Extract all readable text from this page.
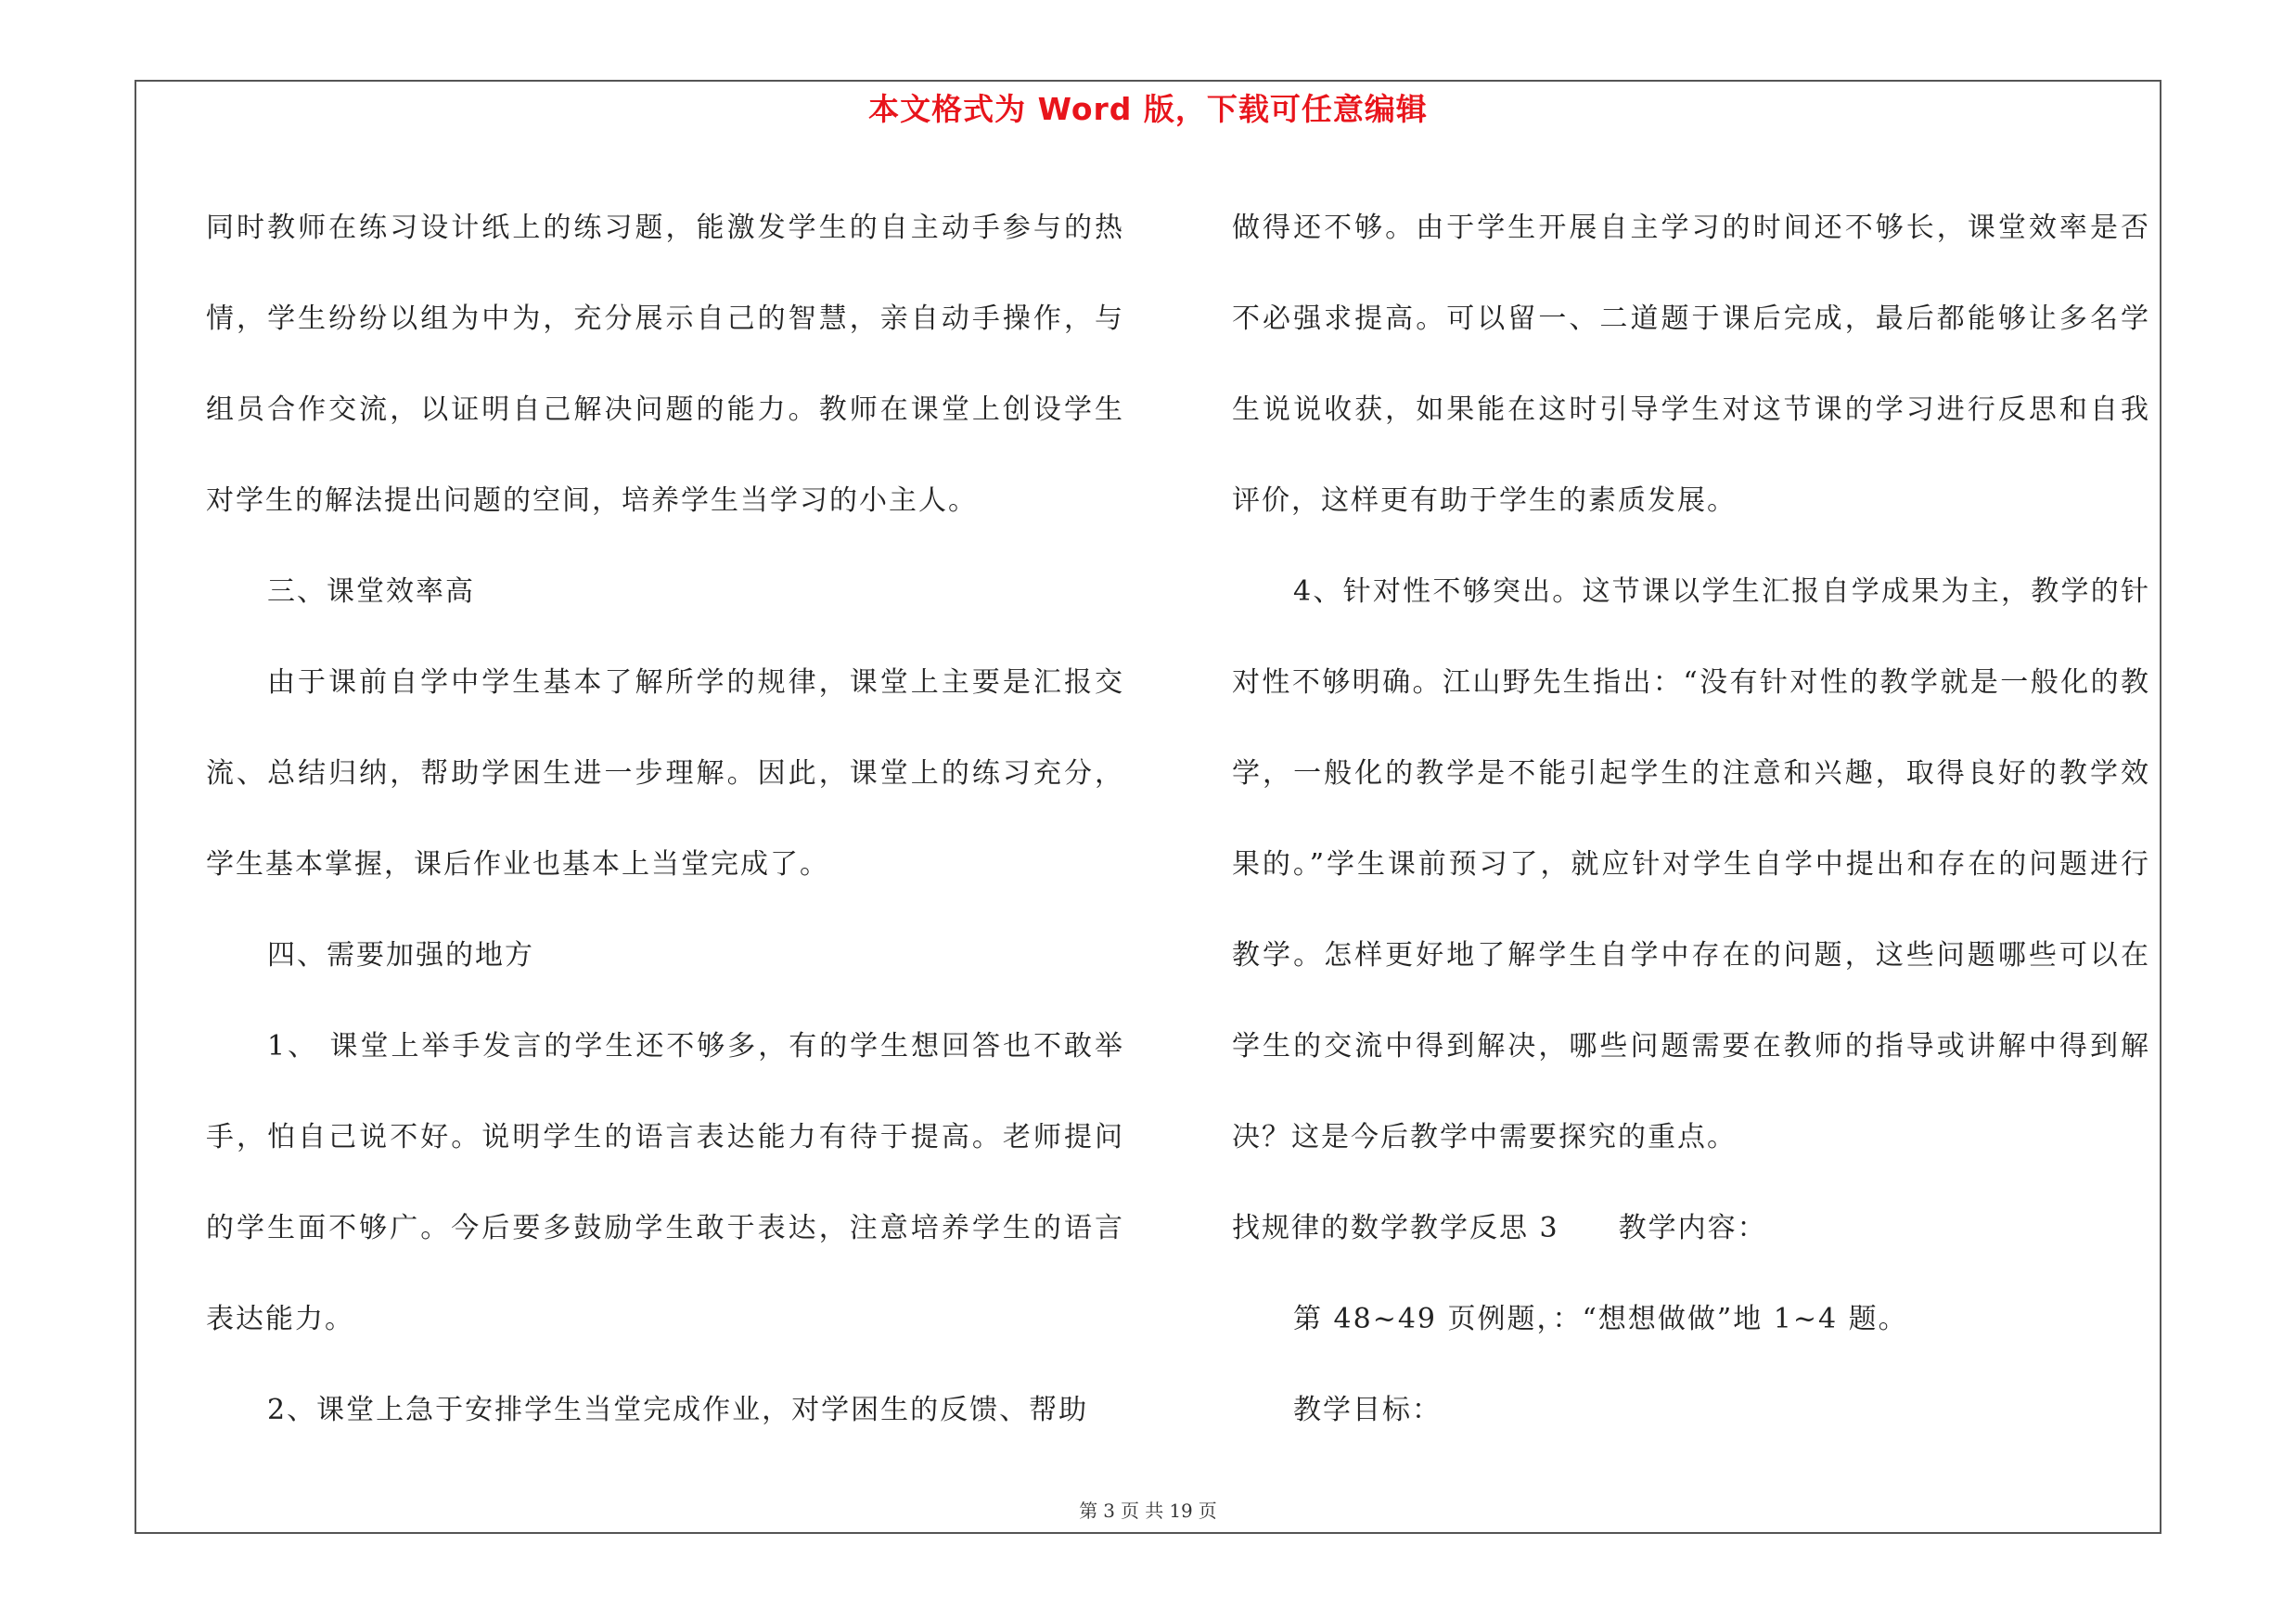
本文格式为 Word 版，下载可任意编辑

同时教师在练习设计纸上的练习题，能激发学生的自主动手参与的热情，学生纷纷以组为中为，充分展示自己的智慧，亲自动手操作，与组员合作交流，以证明自己解决问题的能力。教师在课堂上创设学生对学生的解法提出问题的空间，培养学生当学习的小主人。

三、课堂效率高

由于课前自学中学生基本了解所学的规律，课堂上主要是汇报交流、总结归纳，帮助学困生进一步理解。因此，课堂上的练习充分，学生基本掌握，课后作业也基本上当堂完成了。

四、需要加强的地方

1、 课堂上举手发言的学生还不够多，有的学生想回答也不敢举手，怕自己说不好。说明学生的语言表达能力有待于提高。老师提问的学生面不够广。今后要多鼓励学生敢于表达，注意培养学生的语言表达能力。

2、课堂上急于安排学生当堂完成作业，对学困生的反馈、帮助

做得还不够。由于学生开展自主学习的时间还不够长，课堂效率是否不必强求提高。可以留一、二道题于课后完成，最后都能够让多名学生说说收获，如果能在这时引导学生对这节课的学习进行反思和自我评价，这样更有助于学生的素质发展。

4、针对性不够突出。这节课以学生汇报自学成果为主，教学的针对性不够明确。江山野先生指出：“没有针对性的教学就是一般化的教学，一般化的教学是不能引起学生的注意和兴趣，取得良好的教学效果的。”学生课前预习了，就应针对学生自学中提出和存在的问题进行教学。怎样更好地了解学生自学中存在的问题，这些问题哪些可以在学生的交流中得到解决，哪些问题需要在教师的指导或讲解中得到解决？这是今后教学中需要探究的重点。

找规律的数学教学反思 3　　教学内容：

第 48~49 页例题，：“想想做做”地 1~4 题。

教学目标：

第 3 页 共 19 页
